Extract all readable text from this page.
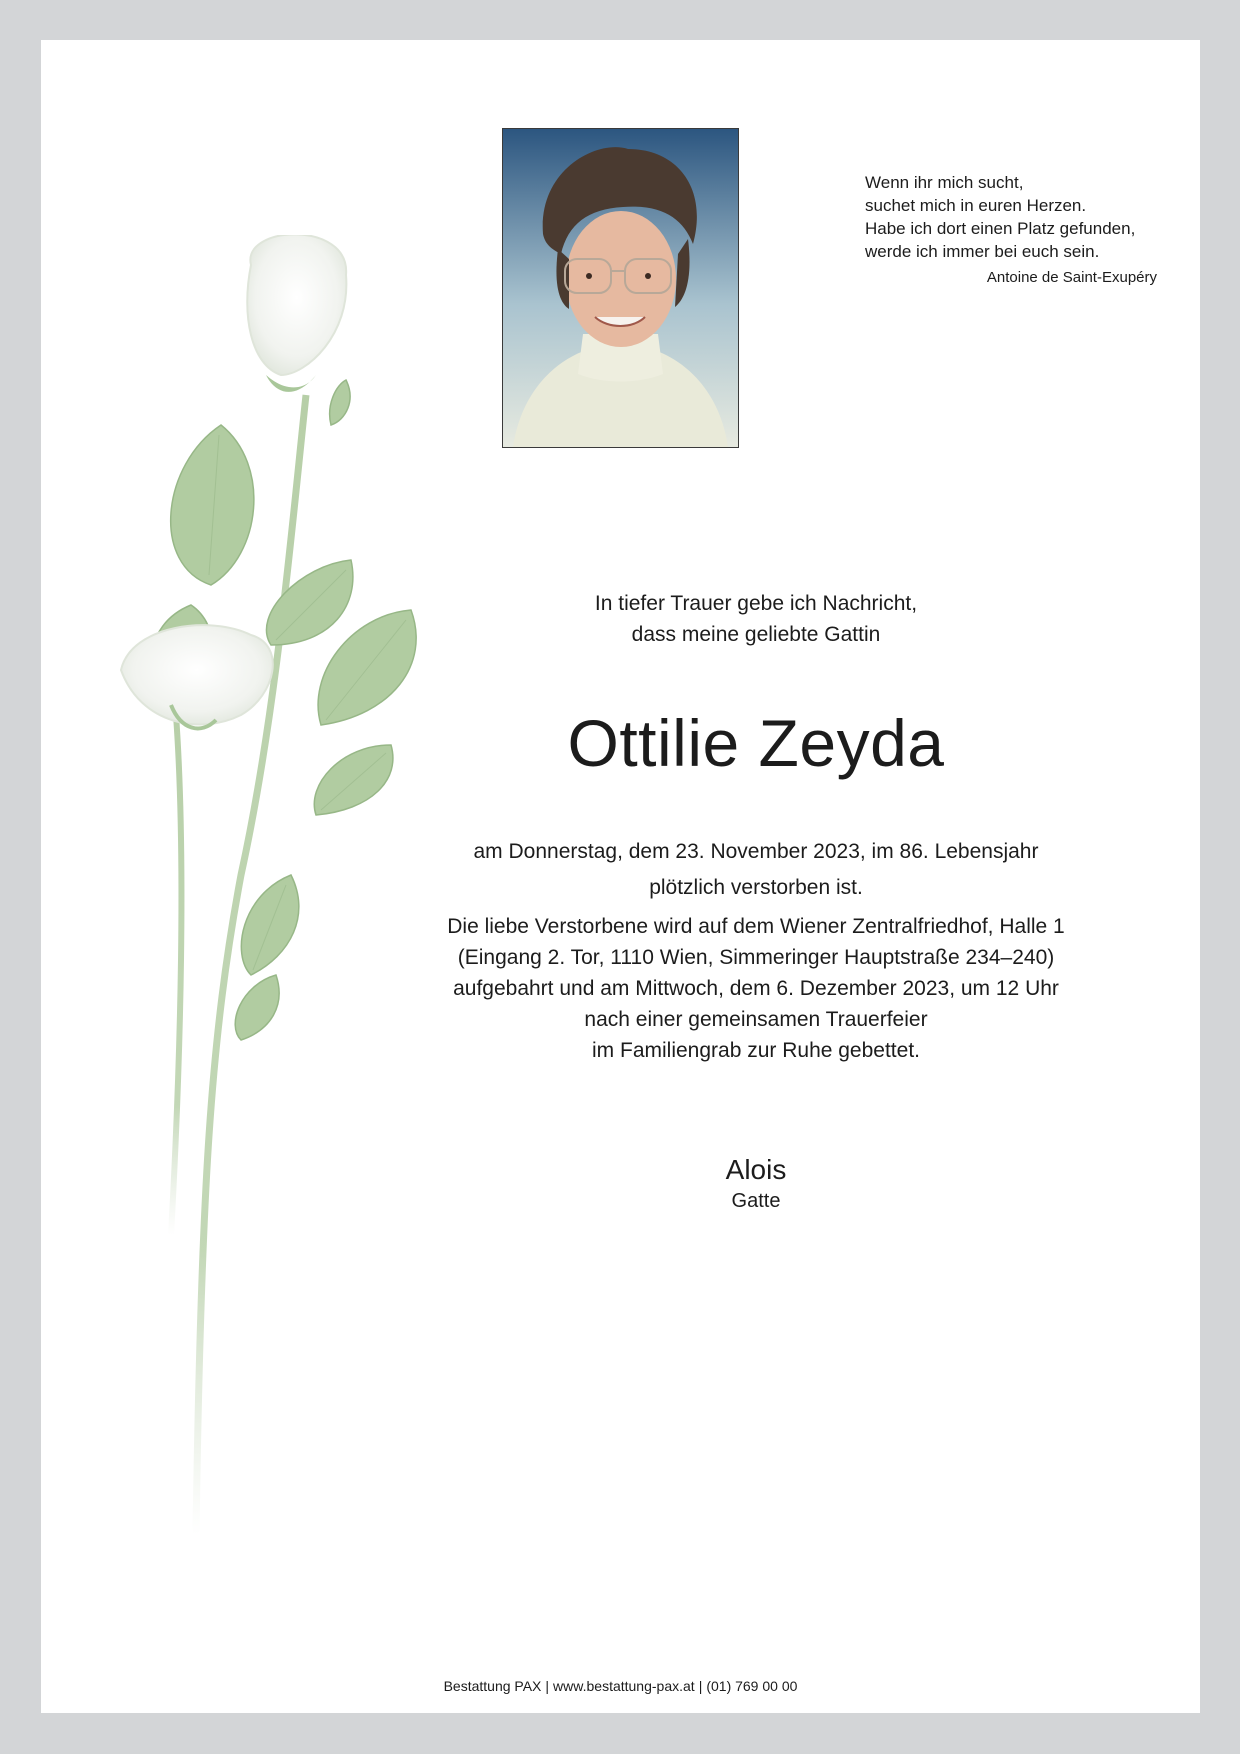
Wenn ihr mich sucht,
suchet mich in euren Herzen.
Habe ich dort einen Platz gefunden,
werde ich immer bei euch sein.
Antoine de Saint-Exupéry
In tiefer Trauer gebe ich Nachricht,
dass meine geliebte Gattin
Ottilie Zeyda
am Donnerstag, dem 23. November 2023, im 86. Lebensjahr
plötzlich verstorben ist.
Die liebe Verstorbene wird auf dem Wiener Zentralfriedhof, Halle 1
(Eingang 2. Tor, 1110 Wien, Simmeringer Hauptstraße 234–240)
aufgebahrt und am Mittwoch, dem 6. Dezember 2023, um 12 Uhr
nach einer gemeinsamen Trauerfeier
im Familiengrab zur Ruhe gebettet.
Alois
Gatte
Bestattung PAX | www.bestattung-pax.at | (01) 769 00 00
